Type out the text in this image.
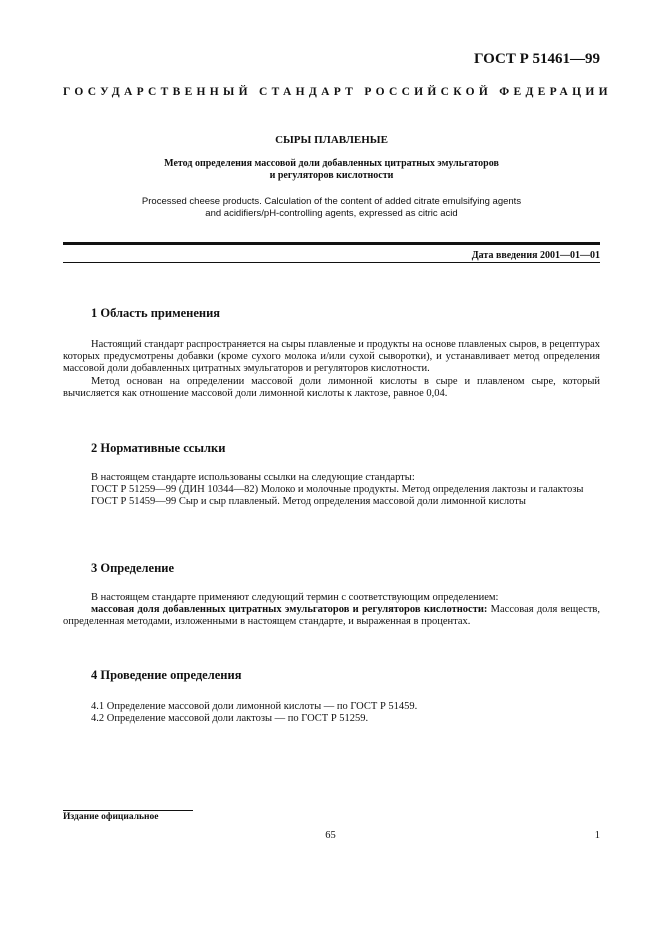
ГОСТ Р 51461—99
ГОСУДАРСТВЕННЫЙ СТАНДАРТ РОССИЙСКОЙ ФЕДЕРАЦИИ
СЫРЫ ПЛАВЛЕНЫЕ
Метод определения массовой доли добавленных цитратных эмульгаторов
и регуляторов кислотности
Processed cheese products. Calculation of the content of added citrate emulsifying agents
and acidifiers/pH-controlling agents, expressed as citric acid
Дата введения 2001—01—01
1 Область применения

Настоящий стандарт распространяется на сыры плавленые и продукты на основе плавленых сыров, в рецептурах которых предусмотрены добавки (кроме сухого молока и/или сухой сыворотки), и устанавливает метод определения массовой доли добавленных цитратных эмульгаторов и регуляторов кислотности.

Метод основан на определении массовой доли лимонной кислоты в сыре и плавленом сыре, который вычисляется как отношение массовой доли лимонной кислоты к лактозе, равное 0,04.

2 Нормативные ссылки

В настоящем стандарте использованы ссылки на следующие стандарты:

ГОСТ Р 51259—99 (ДИН 10344—82) Молоко и молочные продукты. Метод определения лактозы и галактозы

ГОСТ Р 51459—99 Сыр и сыр плавленый. Метод определения массовой доли лимонной кислоты

3 Определение

В настоящем стандарте применяют следующий термин с соответствующим определением:

массовая доля добавленных цитратных эмульгаторов и регуляторов кислотности: Массовая доля веществ, определенная методами, изложенными в настоящем стандарте, и выраженная в процентах.

4 Проведение определения

4.1 Определение массовой доли лимонной кислоты — по ГОСТ Р 51459.

4.2 Определение массовой доли лактозы — по ГОСТ Р 51259.

Издание официальное
65	1
